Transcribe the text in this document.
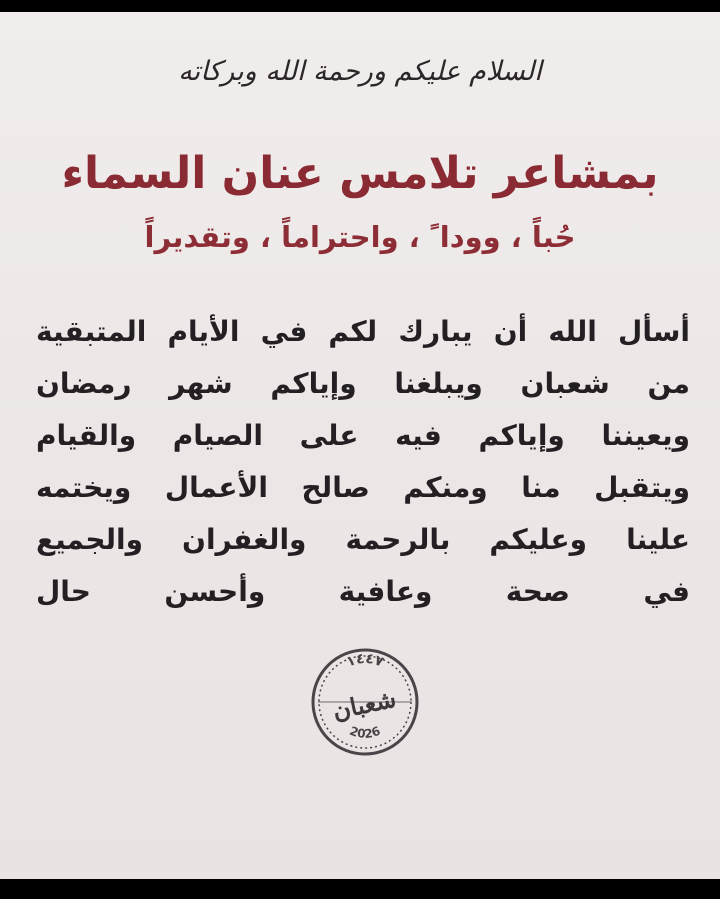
السلام عليكم ورحمة الله وبركاته
بمشاعر تلامس عنان السماء
حُباً ، وودا ً ، واحتراماً ، وتقديراً
أسأل الله أن يبارك لكم في الأيام المتبقية
من شعبان ويبلغنا وإياكم شهر رمضان
ويعيننا وإياكم فيه على الصيام والقيام
ويتقبل منا ومنكم صالح الأعمال ويختمه
علينا وعليكم بالرحمة والغفران والجميع
في صحة وعافية وأحسن حال
١٤٤٧
شعبان
2026
